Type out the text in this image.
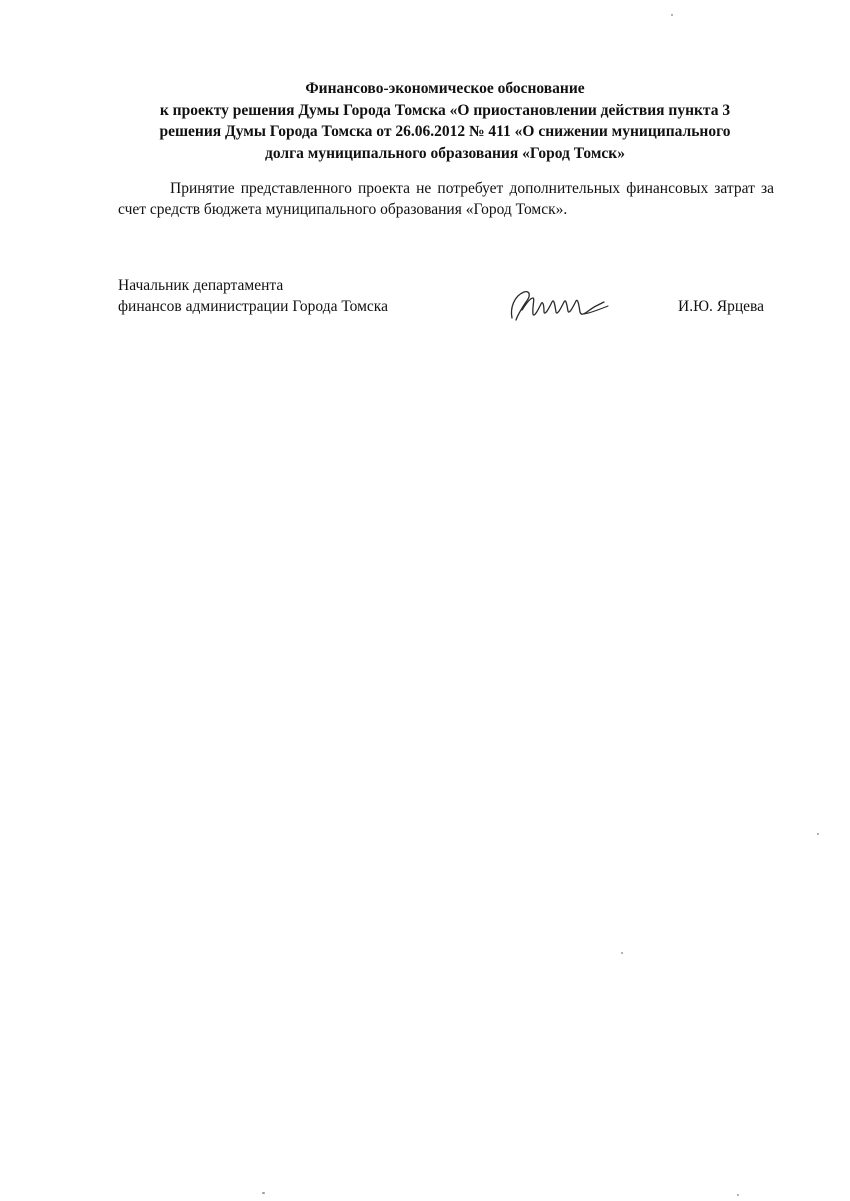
Финансово-экономическое обоснование
к проекту решения Думы Города Томска «О приостановлении действия пункта 3
решения Думы Города Томска от 26.06.2012 № 411 «О снижении муниципального
долга муниципального образования «Город Томск»
Принятие представленного проекта не потребует дополнительных финансовых затрат за счет средств бюджета муниципального образования «Город Томск».
Начальник департамента
финансов администрации Города Томска	И.Ю. Ярцева
